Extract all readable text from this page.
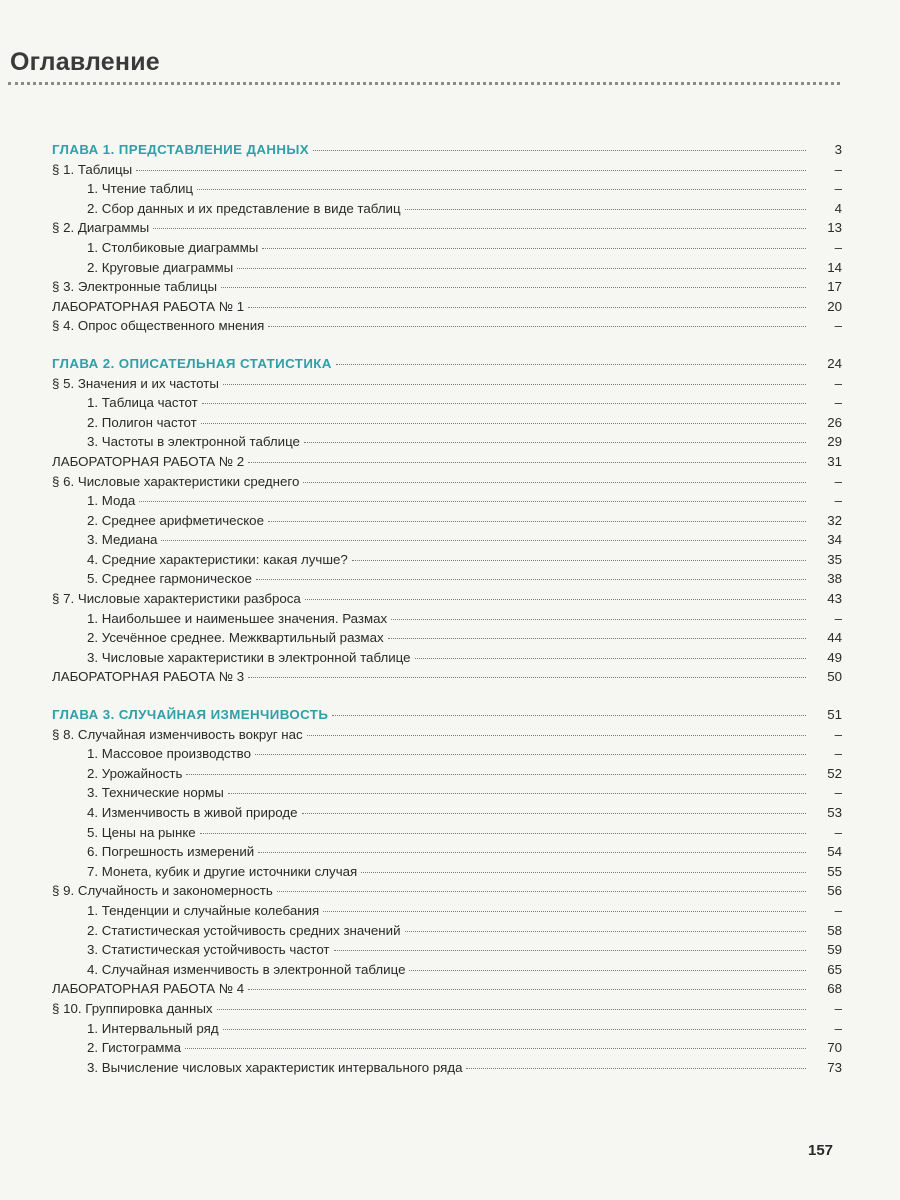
Оглавление
ГЛАВА 1. ПРЕДСТАВЛЕНИЕ ДАННЫХ	3
§ 1. Таблицы	–
1. Чтение таблиц	–
2. Сбор данных и их представление в виде таблиц	4
§ 2. Диаграммы	13
1. Столбиковые диаграммы	–
2. Круговые диаграммы	14
§ 3. Электронные таблицы	17
ЛАБОРАТОРНАЯ РАБОТА № 1	20
§ 4. Опрос общественного мнения	–
ГЛАВА 2. ОПИСАТЕЛЬНАЯ СТАТИСТИКА	24
§ 5. Значения и их частоты	–
1. Таблица частот	–
2. Полигон частот	26
3. Частоты в электронной таблице	29
ЛАБОРАТОРНАЯ РАБОТА № 2	31
§ 6. Числовые характеристики среднего	–
1. Мода	–
2. Среднее арифметическое	32
3. Медиана	34
4. Средние характеристики: какая лучше?	35
5. Среднее гармоническое	38
§ 7. Числовые характеристики разброса	43
1. Наибольшее и наименьшее значения. Размах	–
2. Усечённое среднее. Межквартильный размах	44
3. Числовые характеристики в электронной таблице	49
ЛАБОРАТОРНАЯ РАБОТА № 3	50
ГЛАВА 3. СЛУЧАЙНАЯ ИЗМЕНЧИВОСТЬ	51
§ 8. Случайная изменчивость вокруг нас	–
1. Массовое производство	–
2. Урожайность	52
3. Технические нормы	–
4. Изменчивость в живой природе	53
5. Цены на рынке	–
6. Погрешность измерений	54
7. Монета, кубик и другие источники случая	55
§ 9. Случайность и закономерность	56
1. Тенденции и случайные колебания	–
2. Статистическая устойчивость средних значений	58
3. Статистическая устойчивость частот	59
4. Случайная изменчивость в электронной таблице	65
ЛАБОРАТОРНАЯ РАБОТА № 4	68
§ 10. Группировка данных	–
1. Интервальный ряд	–
2. Гистограмма	70
3. Вычисление числовых характеристик интервального ряда	73
157
